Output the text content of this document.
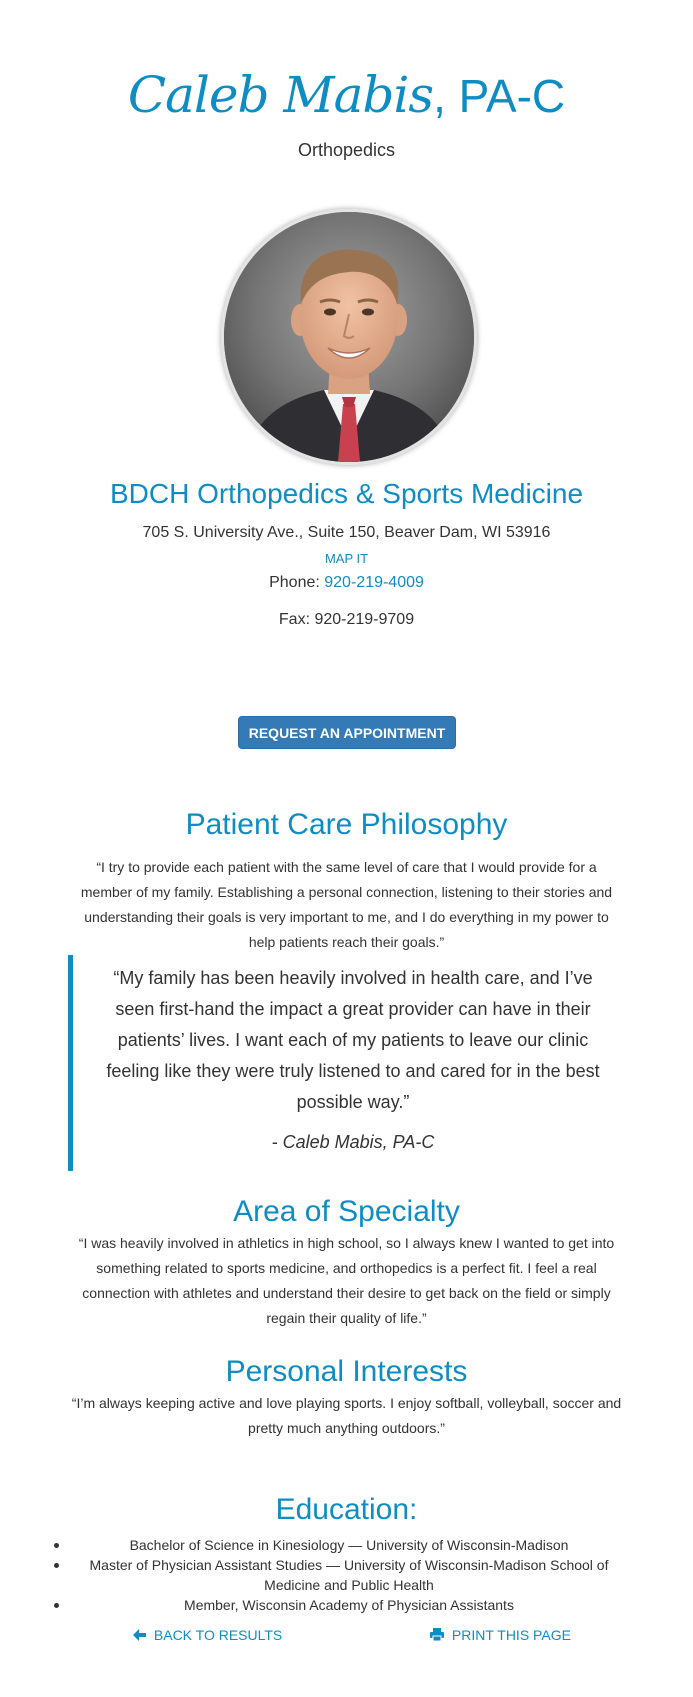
Caleb Mabis, PA-C
Orthopedics
BDCH Orthopedics & Sports Medicine
705 S. University Ave., Suite 150, Beaver Dam, WI 53916
MAP IT
Phone: 920-219-4009
Fax: 920-219-9709
REQUEST AN APPOINTMENT
Patient Care Philosophy
“I try to provide each patient with the same level of care that I would provide for a member of my family. Establishing a personal connection, listening to their stories and understanding their goals is very important to me, and I do everything in my power to help patients reach their goals.”
“My family has been heavily involved in health care, and I’ve seen first-hand the impact a great provider can have in their patients’ lives. I want each of my patients to leave our clinic feeling like they were truly listened to and cared for in the best possible way.”
- Caleb Mabis, PA-C
Area of Specialty
“I was heavily involved in athletics in high school, so I always knew I wanted to get into something related to sports medicine, and orthopedics is a perfect fit. I feel a real connection with athletes and understand their desire to get back on the field or simply regain their quality of life.”
Personal Interests
“I’m always keeping active and love playing sports. I enjoy softball, volleyball, soccer and pretty much anything outdoors.”
Education:
Bachelor of Science in Kinesiology — University of Wisconsin-Madison
Master of Physician Assistant Studies — University of Wisconsin-Madison School of Medicine and Public Health
Member, Wisconsin Academy of Physician Assistants
BACK TO RESULTS	PRINT THIS PAGE
